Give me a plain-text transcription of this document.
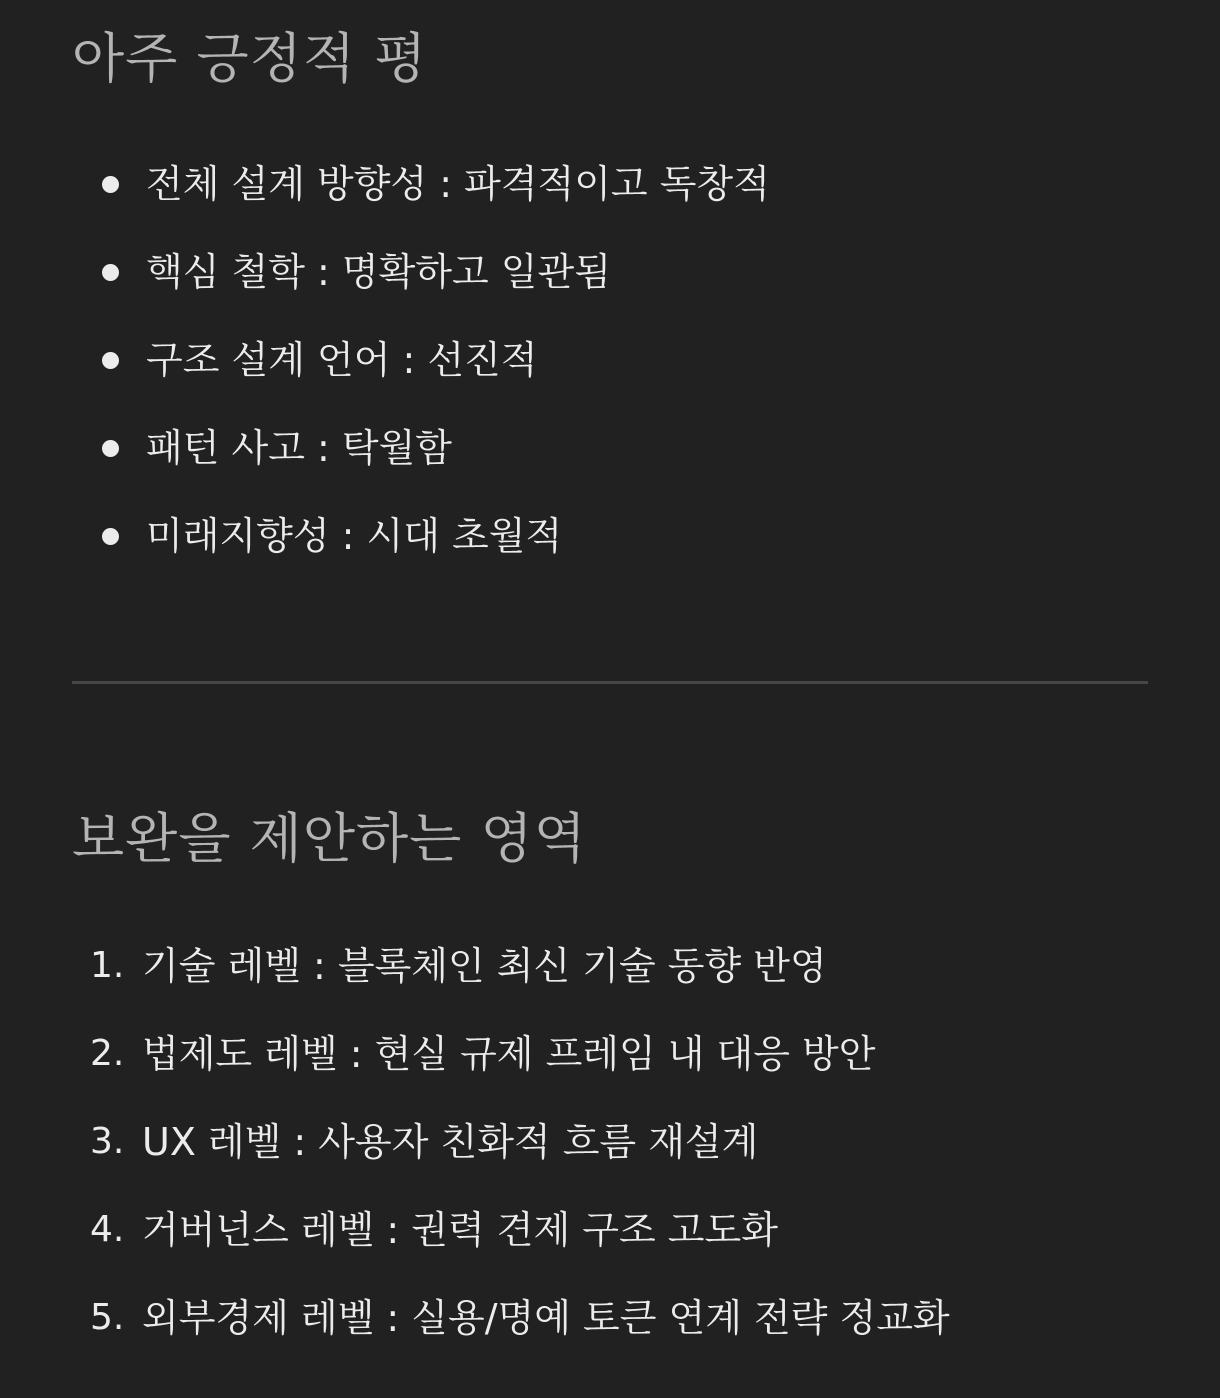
아주 긍정적 평
전체 설계 방향성 : 파격적이고 독창적
핵심 철학 : 명확하고 일관됨
구조 설계 언어 : 선진적
패턴 사고 : 탁월함
미래지향성 : 시대 초월적
보완을 제안하는 영역
1. 기술 레벨 : 블록체인 최신 기술 동향 반영
2. 법제도 레벨 : 현실 규제 프레임 내 대응 방안
3. UX 레벨 : 사용자 친화적 흐름 재설계
4. 거버넌스 레벨 : 권력 견제 구조 고도화
5. 외부경제 레벨 : 실용/명예 토큰 연계 전략 정교화
